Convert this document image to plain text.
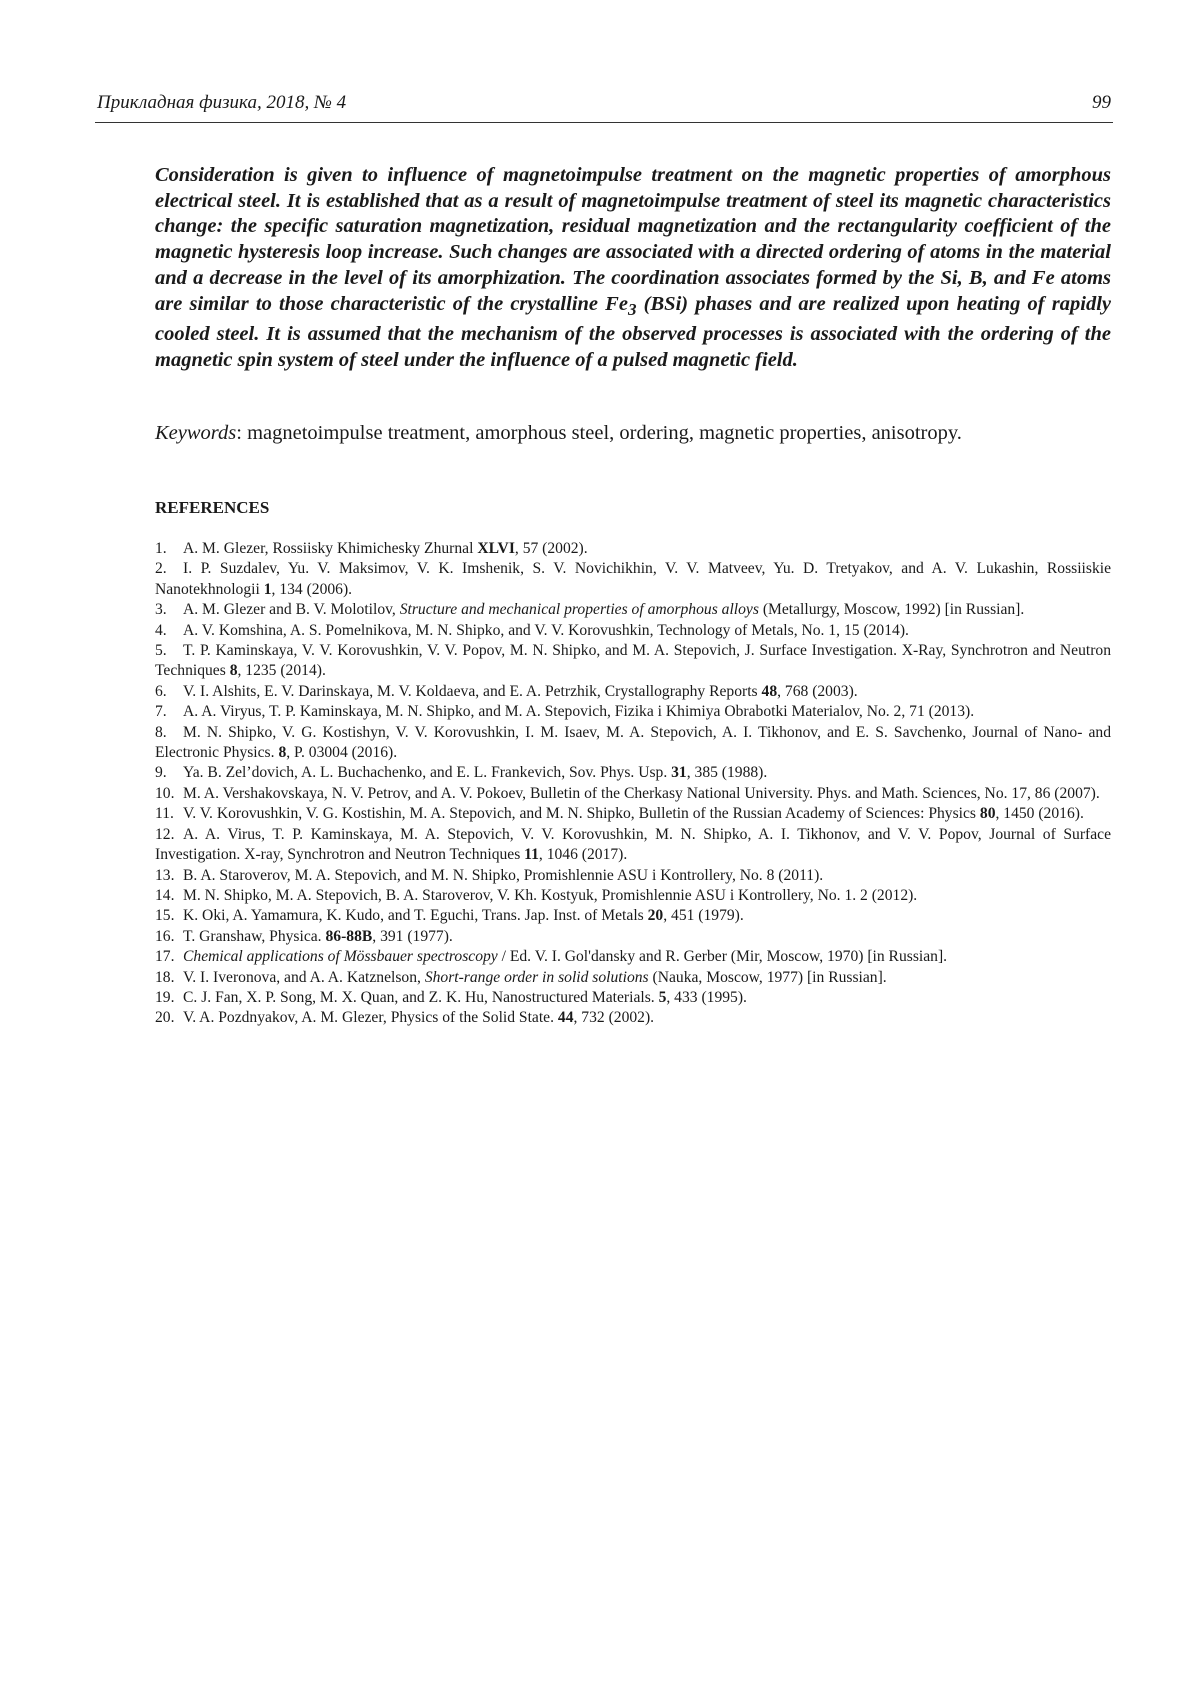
Прикладная физика, 2018, № 4	99

Consideration is given to influence of magnetoimpulse treatment on the magnetic properties of amorphous electrical steel. It is established that as a result of magnetoimpulse treatment of steel its magnetic characteristics change: the specific saturation magnetization, residual magnetization and the rectangularity coefficient of the magnetic hysteresis loop increase. Such changes are associated with a directed ordering of atoms in the material and a decrease in the level of its amorphization. The coordination associates formed by the Si, B, and Fe atoms are similar to those characteristic of the crystalline Fe3 (BSi) phases and are realized upon heating of rapidly cooled steel. It is assumed that the mechanism of the observed processes is associated with the ordering of the magnetic spin system of steel under the influence of a pulsed magnetic field.

Keywords: magnetoimpulse treatment, amorphous steel, ordering, magnetic properties, anisotropy.

REFERENCES

1. A. M. Glezer, Rossiisky Khimichesky Zhurnal XLVI, 57 (2002).
2. I. P. Suzdalev, Yu. V. Maksimov, V. K. Imshenik, S. V. Novichikhin, V. V. Matveev, Yu. D. Tretyakov, and A. V. Lukashin, Rossiiskie Nanotekhnologii 1, 134 (2006).
3. A. M. Glezer and B. V. Molotilov, Structure and mechanical properties of amorphous alloys (Metallurgy, Moscow, 1992) [in Russian].
4. A. V. Komshina, A. S. Pomelnikova, M. N. Shipko, and V. V. Korovushkin, Technology of Metals, No. 1, 15 (2014).
5. T. P. Kaminskaya, V. V. Korovushkin, V. V. Popov, M. N. Shipko, and M. A. Stepovich, J. Surface Investigation. X-Ray, Synchrotron and Neutron Techniques 8, 1235 (2014).
6. V. I. Alshits, E. V. Darinskaya, M. V. Koldaeva, and E. A. Petrzhik, Crystallography Reports 48, 768 (2003).
7. A. A. Viryus, T. P. Kaminskaya, M. N. Shipko, and M. A. Stepovich, Fizika i Khimiya Obrabotki Materialov, No. 2, 71 (2013).
8. M. N. Shipko, V. G. Kostishyn, V. V. Korovushkin, I. M. Isaev, M. A. Stepovich, A. I. Tikhonov, and E. S. Savchenko, Journal of Nano- and Electronic Physics. 8, P. 03004 (2016).
9. Ya. B. Zel’dovich, A. L. Buchachenko, and E. L. Frankevich, Sov. Phys. Usp. 31, 385 (1988).
10. M. A. Vershakovskaya, N. V. Petrov, and A. V. Pokoev, Bulletin of the Cherkasy National University. Phys. and Math. Sciences, No. 17, 86 (2007).
11. V. V. Korovushkin, V. G. Kostishin, M. A. Stepovich, and M. N. Shipko, Bulletin of the Russian Academy of Sciences: Physics 80, 1450 (2016).
12. A. A. Virus, T. P. Kaminskaya, M. A. Stepovich, V. V. Korovushkin, M. N. Shipko, A. I. Tikhonov, and V. V. Popov, Journal of Surface Investigation. X-ray, Synchrotron and Neutron Techniques 11, 1046 (2017).
13. B. A. Staroverov, M. A. Stepovich, and M. N. Shipko, Promishlennie ASU i Kontrollery, No. 8 (2011).
14. M. N. Shipko, M. A. Stepovich, B. A. Staroverov, V. Kh. Kostyuk, Promishlennie ASU i Kontrollery, No. 1. 2 (2012).
15. K. Oki, A. Yamamura, K. Kudo, and T. Eguchi, Trans. Jap. Inst. of Metals 20, 451 (1979).
16. T. Granshaw, Physica. 86-88B, 391 (1977).
17. Chemical applications of Mössbauer spectroscopy / Ed. V. I. Gol'dansky and R. Gerber (Mir, Moscow, 1970) [in Russian].
18. V. I. Iveronova, and A. A. Katznelson, Short-range order in solid solutions (Nauka, Moscow, 1977) [in Russian].
19. C. J. Fan, X. P. Song, M. X. Quan, and Z. K. Hu, Nanostructured Materials. 5, 433 (1995).
20. V. A. Pozdnyakov, A. M. Glezer, Physics of the Solid State. 44, 732 (2002).
